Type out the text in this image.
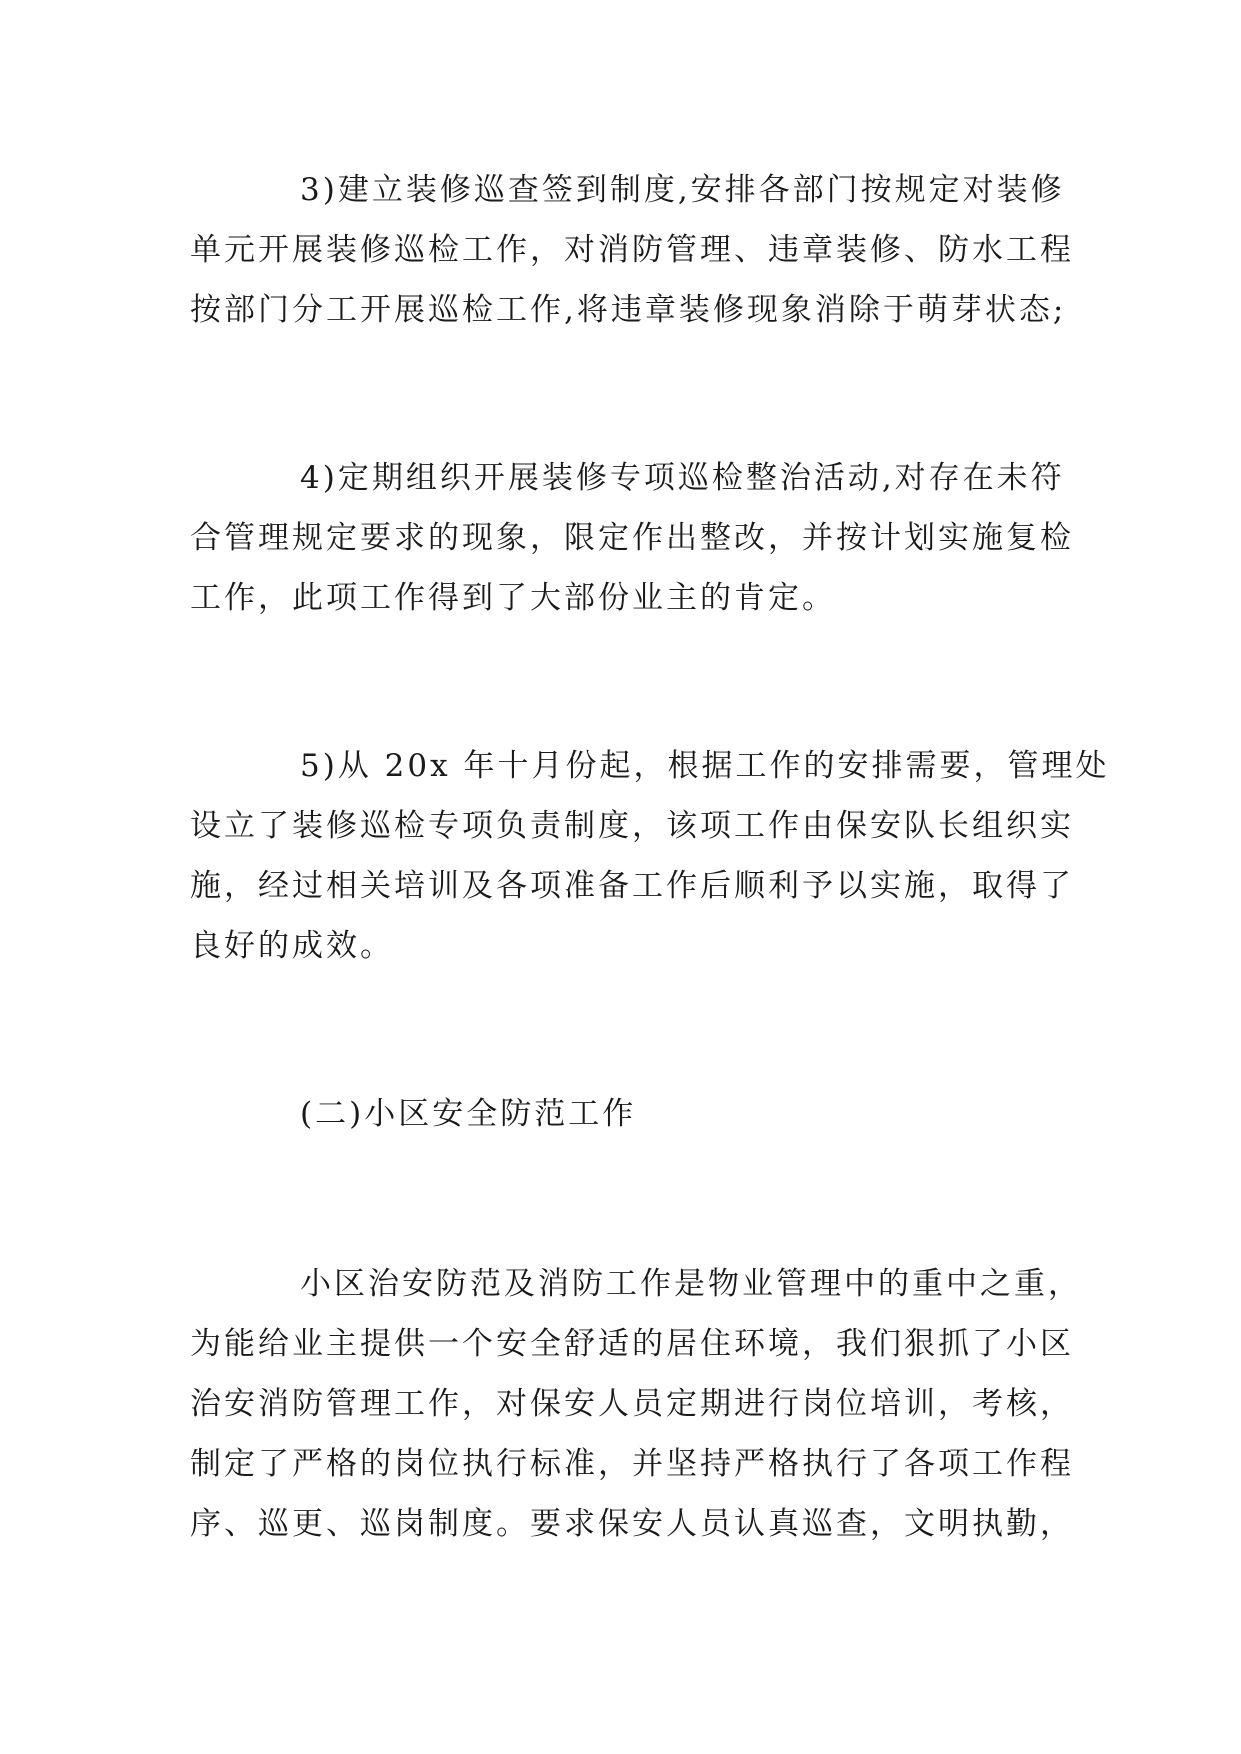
3)建立装修巡查签到制度,安排各部门按规定对装修
单元开展装修巡检工作，对消防管理、违章装修、防水工程
按部门分工开展巡检工作,将违章装修现象消除于萌芽状态;
4)定期组织开展装修专项巡检整治活动,对存在未符
合管理规定要求的现象，限定作出整改，并按计划实施复检
工作，此项工作得到了大部份业主的肯定。
5)从 20x 年十月份起，根据工作的安排需要，管理处
设立了装修巡检专项负责制度，该项工作由保安队长组织实
施，经过相关培训及各项准备工作后顺利予以实施，取得了
良好的成效。
(二)小区安全防范工作
小区治安防范及消防工作是物业管理中的重中之重，
为能给业主提供一个安全舒适的居住环境，我们狠抓了小区
治安消防管理工作，对保安人员定期进行岗位培训，考核，
制定了严格的岗位执行标准，并坚持严格执行了各项工作程
序、巡更、巡岗制度。要求保安人员认真巡查，文明执勤，
